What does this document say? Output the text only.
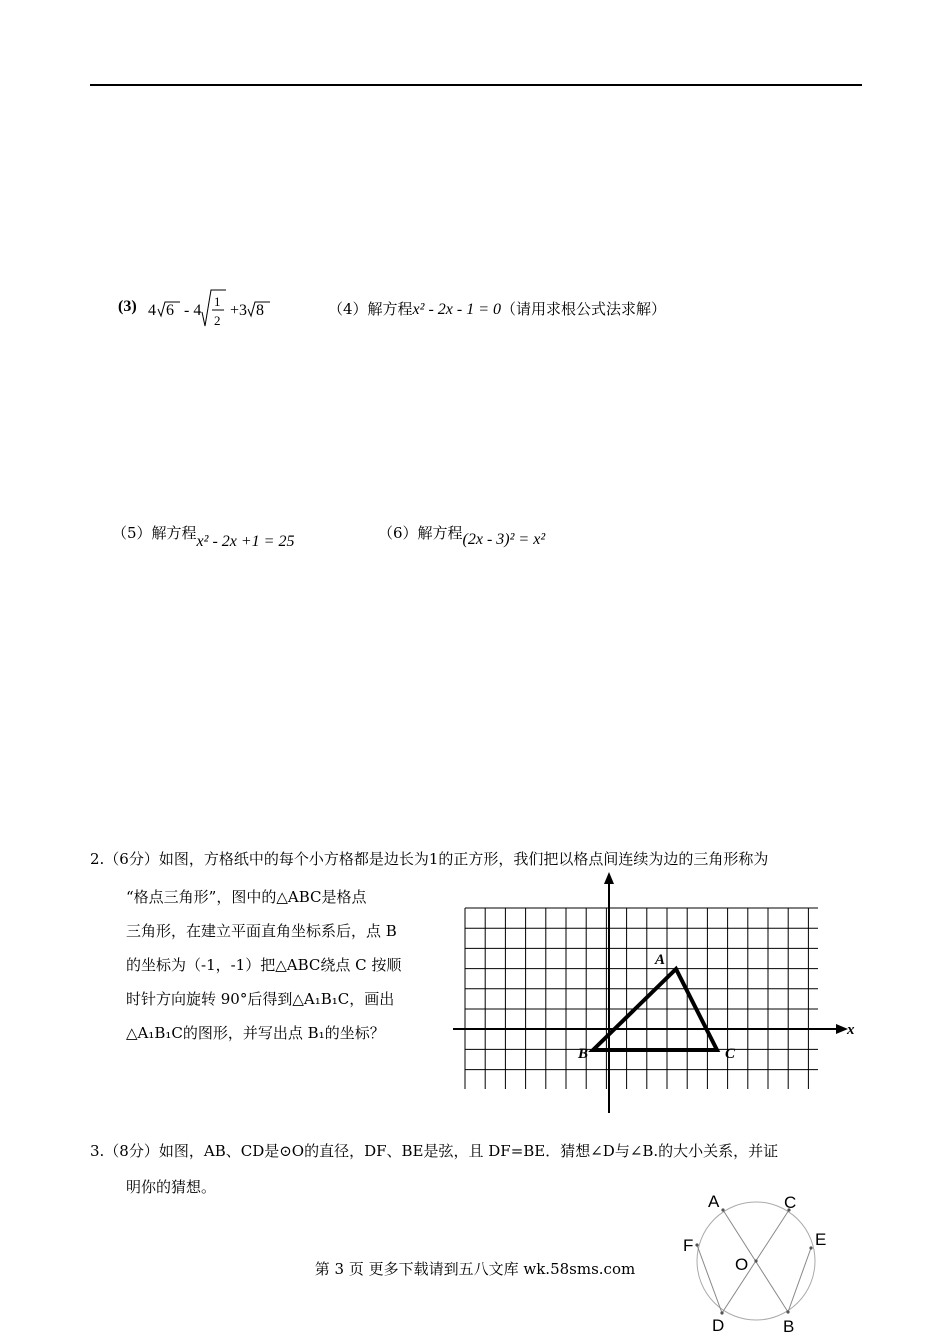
(3) 4 6 - 4
1
2
+3 8	（4）解方程x² - 2x - 1 = 0（请用求根公式法求解）
（5）解方程x² - 2x +1 = 25	（6）解方程(2x - 3)² = x²
2.（6分）如图，方格纸中的每个小方格都是边长为1的正方形，我们把以格点间连续为边的三角形称为
“格点三角形”，图中的△ABC是格点
三角形，在建立平面直角坐标系后，点 B
的坐标为（-1，-1）把△ABC绕点 C 按顺
时针方向旋转 90°后得到△A₁B₁C，画出
△A₁B₁C的图形，并写出点 B₁的坐标？	x
A
B	C
3.（8分）如图，AB、CD是⊙O的直径，DF、BE是弦，且 DF=BE．猜想∠D与∠B.的大小关系，并证
明你的猜想。
A	C
E
F
O
D	B
第 3 页 更多下载请到五八文库 wk.58sms.com
